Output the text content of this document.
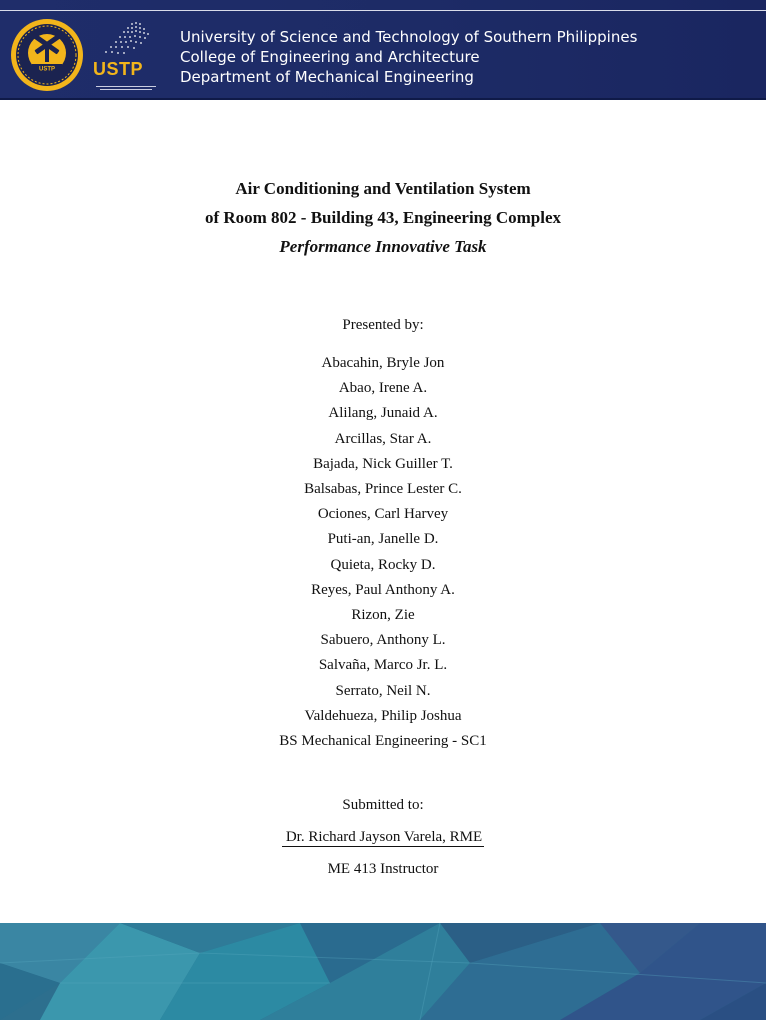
USTP USTP
University of Science and Technology of Southern Philippines
College of Engineering and Architecture
Department of Mechanical Engineering
Air Conditioning and Ventilation System
of Room 802 - Building 43, Engineering Complex
Performance Innovative Task
Presented by:
Abacahin, Bryle Jon
Abao, Irene A.
Alilang, Junaid A.
Arcillas, Star A.
Bajada, Nick Guiller T.
Balsabas, Prince Lester C.
Ociones, Carl Harvey
Puti-an, Janelle D.
Quieta, Rocky D.
Reyes, Paul Anthony A.
Rizon, Zie
Sabuero, Anthony L.
Salvaña, Marco Jr. L.
Serrato, Neil N.
Valdehueza, Philip Joshua
BS Mechanical Engineering - SC1
Submitted to:
Dr. Richard Jayson Varela, RME
ME 413 Instructor
